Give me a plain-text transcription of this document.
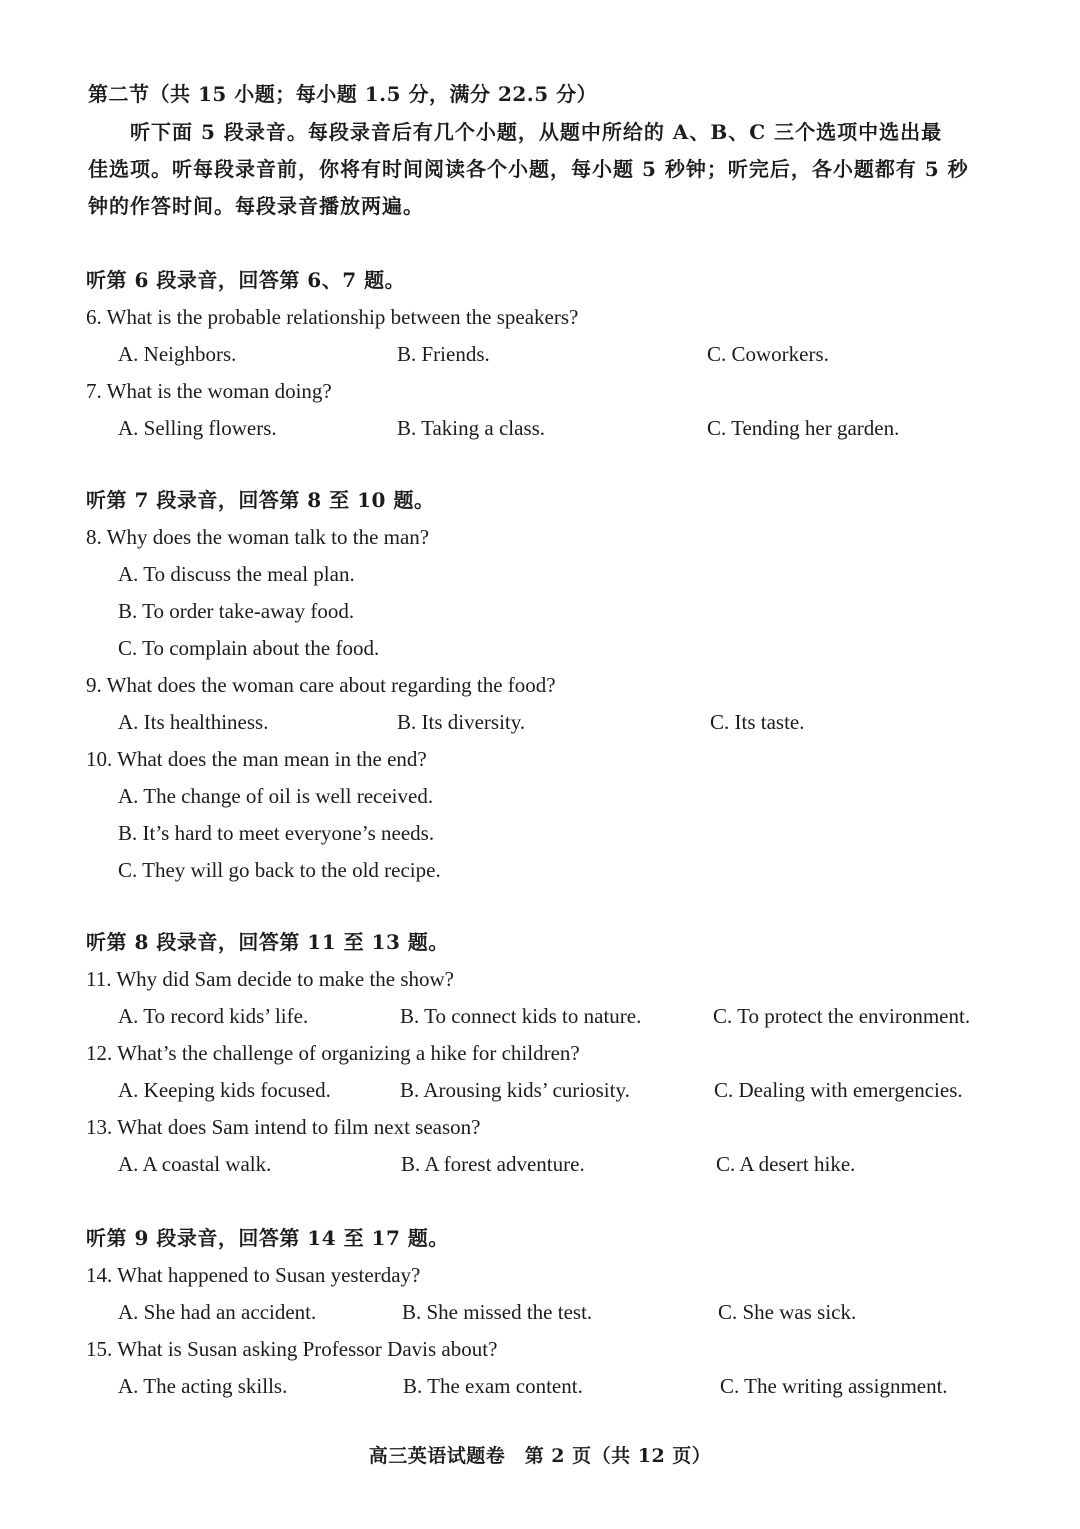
第二节（共 15 小题；每小题 1.5 分，满分 22.5 分）
听下面 5 段录音。每段录音后有几个小题，从题中所给的 A、B、C 三个选项中选出最
佳选项。听每段录音前，你将有时间阅读各个小题，每小题 5 秒钟；听完后，各小题都有 5 秒
钟的作答时间。每段录音播放两遍。
听第 6 段录音，回答第 6、7 题。
6. What is the probable relationship between the speakers?
A. Neighbors.	B. Friends.	C. Coworkers.
7. What is the woman doing?
A. Selling flowers.	B. Taking a class.	C. Tending her garden.
听第 7 段录音，回答第 8 至 10 题。
8. Why does the woman talk to the man?
A. To discuss the meal plan.
B. To order take-away food.
C. To complain about the food.
9. What does the woman care about regarding the food?
A. Its healthiness.	B. Its diversity.	C. Its taste.
10. What does the man mean in the end?
A. The change of oil is well received.
B. It’s hard to meet everyone’s needs.
C. They will go back to the old recipe.
听第 8 段录音，回答第 11 至 13 题。
11. Why did Sam decide to make the show?
A. To record kids’ life.	B. To connect kids to nature.	C. To protect the environment.
12. What’s the challenge of organizing a hike for children?
A. Keeping kids focused.	B. Arousing kids’ curiosity.	C. Dealing with emergencies.
13. What does Sam intend to film next season?
A. A coastal walk.	B. A forest adventure.	C. A desert hike.
听第 9 段录音，回答第 14 至 17 题。
14. What happened to Susan yesterday?
A. She had an accident.	B. She missed the test.	C. She was sick.
15. What is Susan asking Professor Davis about?
A. The acting skills.	B. The exam content.	C. The writing assignment.
高三英语试题卷　第 2 页（共 12 页）
